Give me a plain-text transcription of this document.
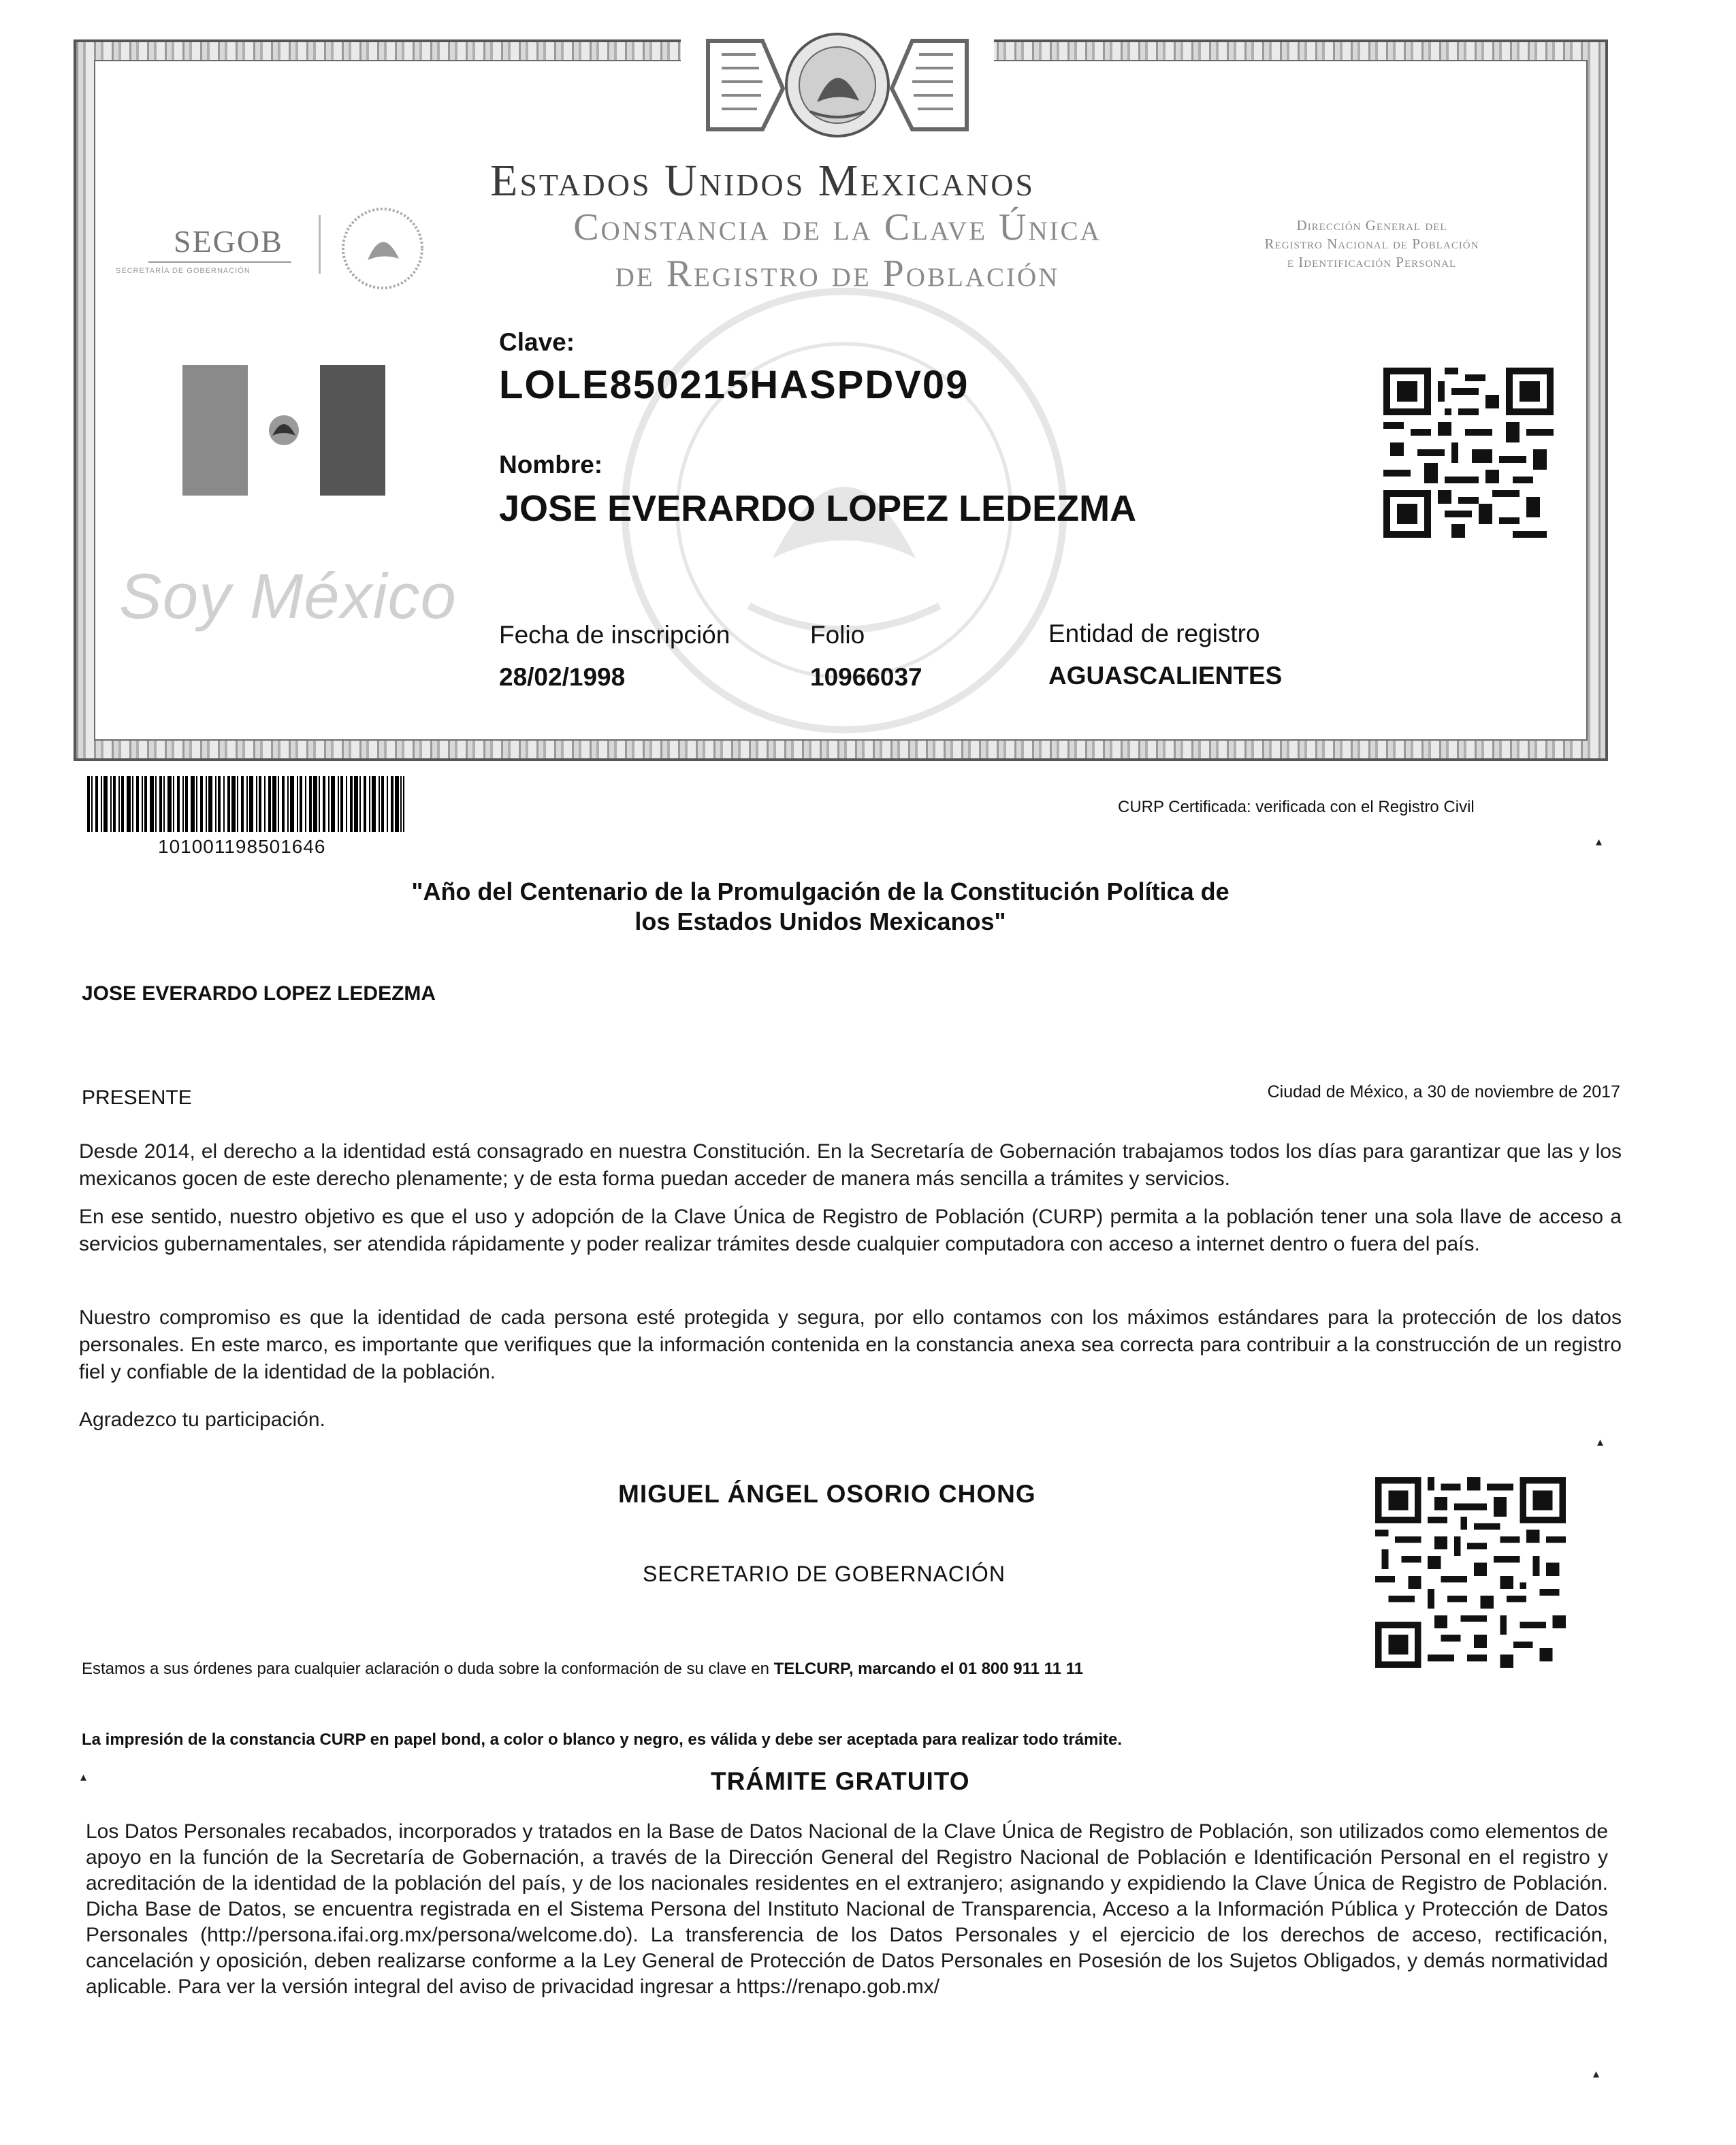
Estados Unidos Mexicanos
Constancia de la Clave Única
de Registro de Población
SEGOB
SECRETARÍA DE GOBERNACIÓN
Dirección General del
Registro Nacional de Población
e Identificación Personal
Soy México
Clave:
LOLE850215HASPDV09
Nombre:
JOSE EVERARDO LOPEZ LEDEZMA
Fecha de inscripción
28/02/1998
Folio
10966037
Entidad de registro
AGUASCALIENTES
101001198501646
CURP Certificada: verificada con el Registro Civil
▴
"Año del Centenario de la Promulgación de la Constitución Política de
los Estados Unidos Mexicanos"
JOSE EVERARDO LOPEZ LEDEZMA
PRESENTE	Ciudad de México, a 30 de noviembre de 2017
Desde 2014, el derecho a la identidad está consagrado en nuestra Constitución. En la Secretaría de Gobernación trabajamos todos los días para garantizar que las y los mexicanos gocen de este derecho plenamente; y de esta forma puedan acceder de manera más sencilla a trámites y servicios.
En ese sentido, nuestro objetivo es que el uso y adopción de la Clave Única de Registro de Población (CURP) permita a la población tener una sola llave de acceso a servicios gubernamentales, ser atendida rápidamente y poder realizar trámites desde cualquier computadora con acceso a internet dentro o fuera del país.
Nuestro compromiso es que la identidad de cada persona esté protegida y segura, por ello contamos con los máximos estándares para la protección de los datos personales. En este marco, es importante que verifiques que la información contenida en la constancia anexa sea correcta para contribuir a la construcción de un registro fiel y confiable de la identidad de la población.
Agradezco tu participación.
▴
MIGUEL ÁNGEL OSORIO CHONG
SECRETARIO DE GOBERNACIÓN
Estamos a sus órdenes para cualquier aclaración o duda sobre la conformación de su clave en TELCURP, marcando el 01 800 911 11 11
La impresión de la constancia CURP en papel bond, a color o blanco y negro, es válida y debe ser aceptada para realizar todo trámite.
▴	TRÁMITE GRATUITO
Los Datos Personales recabados, incorporados y tratados en la Base de Datos Nacional de la Clave Única de Registro de Población, son utilizados como elementos de apoyo en la función de la Secretaría de Gobernación, a través de la Dirección General del Registro Nacional de Población e Identificación Personal en el registro y acreditación de la identidad de la población del país, y de los nacionales residentes en el extranjero; asignando y expidiendo la Clave Única de Registro de Población. Dicha Base de Datos, se encuentra registrada en el Sistema Persona del Instituto Nacional de Transparencia, Acceso a la Información Pública y Protección de Datos Personales (http://persona.ifai.org.mx/persona/welcome.do). La transferencia de los Datos Personales y el ejercicio de los derechos de acceso, rectificación, cancelación y oposición, deben realizarse conforme a la Ley General de Protección de Datos Personales en Posesión de los Sujetos Obligados, y demás normatividad aplicable. Para ver la versión integral del aviso de privacidad ingresar a https://renapo.gob.mx/
▴
